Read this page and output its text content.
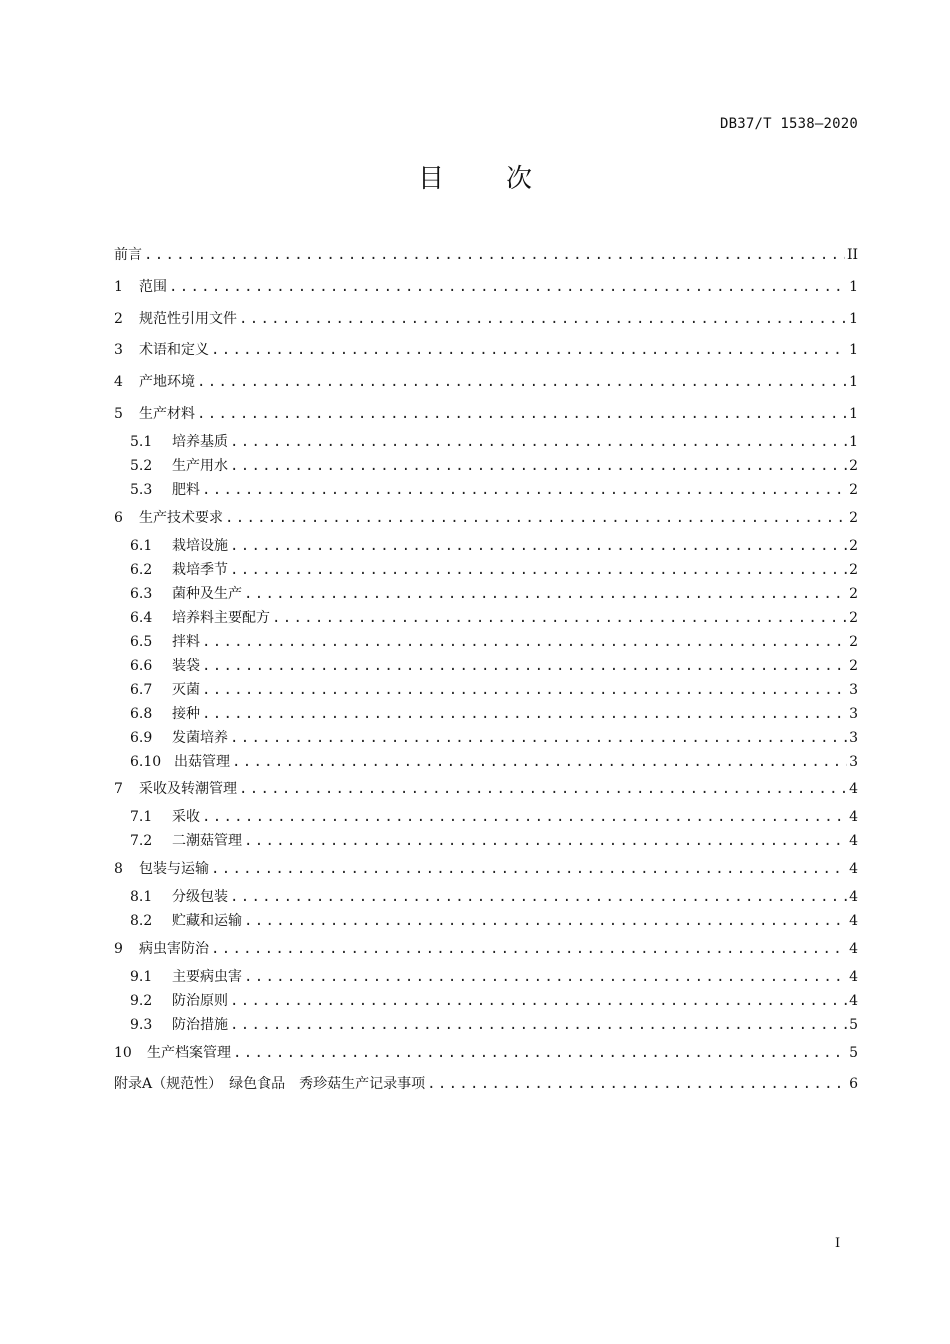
DB37/T 1538—2020
目　次
前言 .....	II
1	范围 .....	1
2	规范性引用文件 .....	1
3	术语和定义 .....	1
4	产地环境 .....	1
5	生产材料 .....	1
5.1	培养基质 .....	1
5.2	生产用水 .....	2
5.3	肥料 .....	2
6	生产技术要求 .....	2
6.1	栽培设施 .....	2
6.2	栽培季节 .....	2
6.3	菌种及生产 .....	2
6.4	培养料主要配方 .....	2
6.5	拌料 .....	2
6.6	装袋 .....	2
6.7	灭菌 .....	3
6.8	接种 .....	3
6.9	发菌培养 .....	3
6.10 出菇管理 .....	3
7	采收及转潮管理 .....	4
7.1	采收 .....	4
7.2	二潮菇管理 .....	4
8	包装与运输 .....	4
8.1	分级包装 .....	4
8.2	贮藏和运输 .....	4
9	病虫害防治 .....	4
9.1	主要病虫害 .....	4
9.2	防治原则 .....	4
9.3	防治措施 .....	5
10	生产档案管理 .....	5
附录A（规范性）　绿色食品　秀珍菇生产记录事项 .....	6
I
